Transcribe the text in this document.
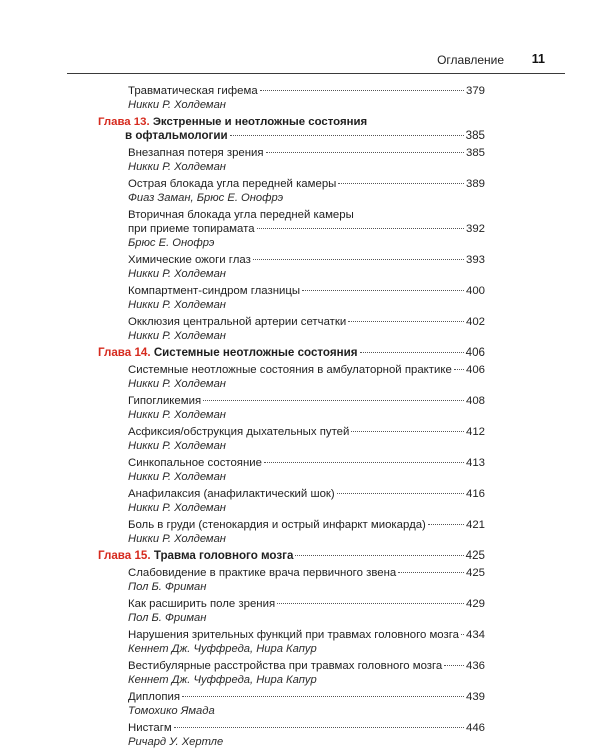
Оглавление 11
Травматическая гифема	379
Никки Р. Холдеман
Глава 13. Экстренные и неотложные состояния
в офтальмологии	385
Внезапная потеря зрения	385
Никки Р. Холдеман
Острая блокада угла передней камеры	389
Фиаз Заман, Брюс Е. Онофрэ
Вторичная блокада угла передней камеры
при приеме топирамата	392
Брюс Е. Онофрэ
Химические ожоги глаз	393
Никки Р. Холдеман
Компартмент-синдром глазницы	400
Никки Р. Холдеман
Окклюзия центральной артерии сетчатки	402
Никки Р. Холдеман
Глава 14. Системные неотложные состояния	406
Системные неотложные состояния в амбулаторной практике 406
Никки Р. Холдеман
Гипогликемия	408
Никки Р. Холдеман
Асфиксия/обструкция дыхательных путей	412
Никки Р. Холдеман
Синкопальное состояние	413
Никки Р. Холдеман
Анафилаксия (анафилактический шок)	416
Никки Р. Холдеман
Боль в груди (стенокардия и острый инфаркт миокарда)	421
Никки Р. Холдеман
Глава 15. Травма головного мозга	425
Слабовидение в практике врача первичного звена	425
Пол Б. Фриман
Как расширить поле зрения	429
Пол Б. Фриман
Нарушения зрительных функций при травмах головного мозга 434
Кеннет Дж. Чуффреда, Нира Капур
Вестибулярные расстройства при травмах головного мозга 436
Кеннет Дж. Чуффреда, Нира Капур
Диплопия	439
Томохико Ямада
Нистагм	446
Ричард У. Хертле
